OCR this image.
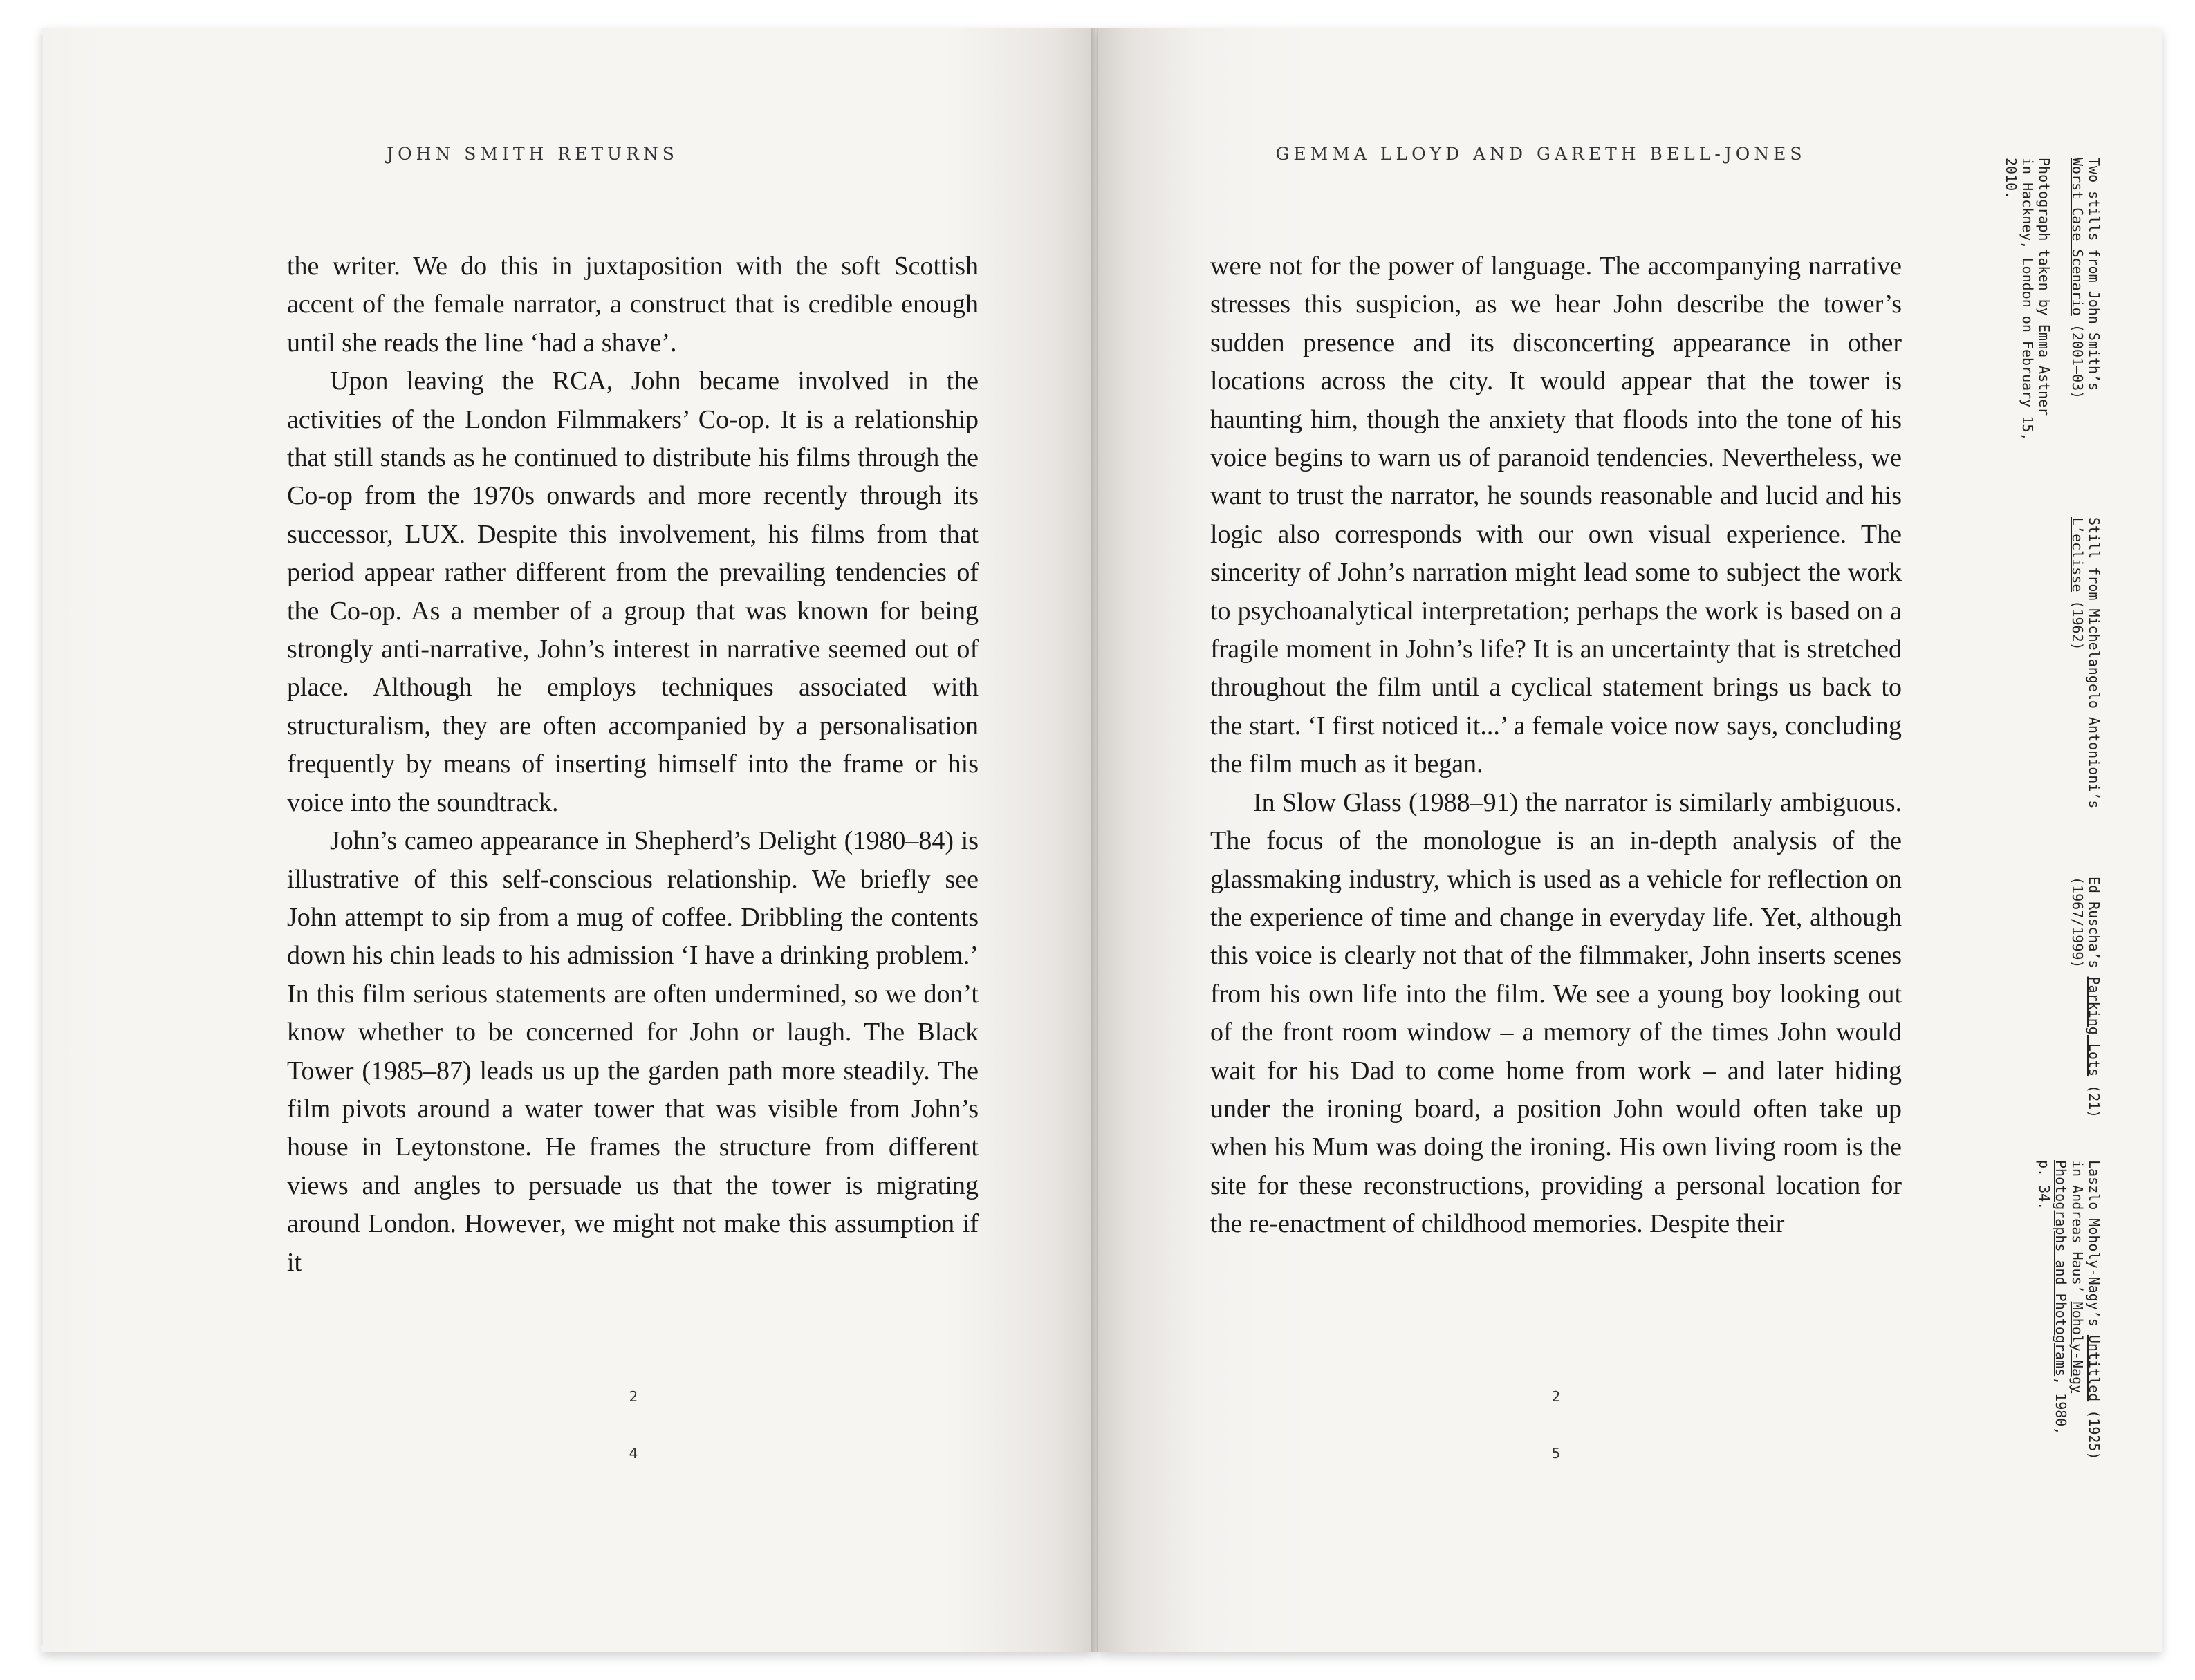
JOHN SMITH RETURNS

the writer. We do this in juxtaposition with the soft Scottish accent of the female narrator, a construct that is credible enough until she reads the line ‘had a shave’.

Upon leaving the RCA, John became involved in the activities of the London Filmmakers’ Co-op. It is a relationship that still stands as he continued to distribute his films through the Co-op from the 1970s onwards and more recently through its successor, LUX. Despite this involvement, his films from that period appear rather different from the prevailing tendencies of the Co-op. As a member of a group that was known for being strongly anti-narrative, John’s interest in narrative seemed out of place. Although he employs techniques associated with structuralism, they are often accompanied by a personalisation frequently by means of inserting himself into the frame or his voice into the soundtrack.

John’s cameo appearance in Shepherd’s Delight (1980–84) is illustrative of this self-conscious relationship. We briefly see John attempt to sip from a mug of coffee. Dribbling the contents down his chin leads to his admission ‘I have a drinking problem.’ In this film serious statements are often undermined, so we don’t know whether to be concerned for John or laugh. The Black Tower (1985–87) leads us up the garden path more steadily. The film pivots around a water tower that was visible from John’s house in Leytonstone. He frames the structure from different views and angles to persuade us that the tower is migrating around London. However, we might not make this assumption if it

2
4
GEMMA LLOYD AND GARETH BELL-JONES

were not for the power of language. The accompanying narrative stresses this suspicion, as we hear John describe the tower’s sudden presence and its disconcerting appearance in other locations across the city. It would appear that the tower is haunting him, though the anxiety that floods into the tone of his voice begins to warn us of paranoid tendencies. Nevertheless, we want to trust the narrator, he sounds reasonable and lucid and his logic also corresponds with our own visual experience. The sincerity of John’s narration might lead some to subject the work to psychoanalytical interpretation; perhaps the work is based on a fragile moment in John’s life? It is an uncertainty that is stretched throughout the film until a cyclical statement brings us back to the start. ‘I first noticed it...’ a female voice now says, concluding the film much as it began.

In Slow Glass (1988–91) the narrator is similarly ambiguous. The focus of the monologue is an in-depth analysis of the glassmaking industry, which is used as a vehicle for reflection on the experience of time and change in everyday life. Yet, although this voice is clearly not that of the filmmaker, John inserts scenes from his own life into the film. We see a young boy looking out of the front room window – a memory of the times John would wait for his Dad to come home from work – and later hiding under the ironing board, a position John would often take up when his Mum was doing the ironing. His own living room is the site for these reconstructions, providing a personal location for the re-enactment of childhood memories. Despite their

2
5
Two stills from John Smith’s
Worst Case Scenario (2001–03)

Photograph taken by Emma Astner
in Hackney, London on February 15,
2010.
Still from Michelangelo Antonioni’s
L’eclisse (1962)
Ed Ruscha’s Parking Lots (21)
(1967/1999)
Laszlo Moholy-Nagy’s Untitled (1925)
in Andreas Haus’ Moholy-Nagy
Photographs and Photograms, 1980,
p. 34.
